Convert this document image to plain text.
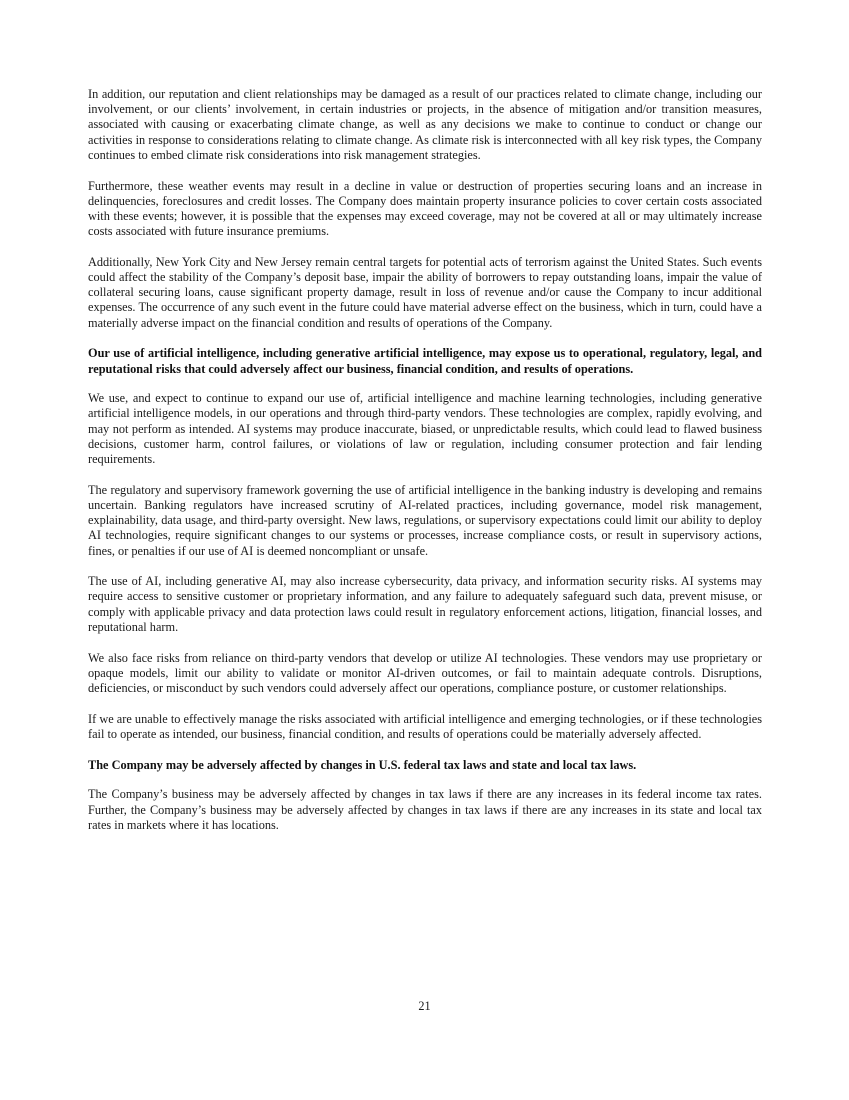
In addition, our reputation and client relationships may be damaged as a result of our practices related to climate change, including our involvement, or our clients’ involvement, in certain industries or projects, in the absence of mitigation and/or transition measures, associated with causing or exacerbating climate change, as well as any decisions we make to continue to conduct or change our activities in response to considerations relating to climate change. As climate risk is interconnected with all key risk types, the Company continues to embed climate risk considerations into risk management strategies.

Furthermore, these weather events may result in a decline in value or destruction of properties securing loans and an increase in delinquencies, foreclosures and credit losses. The Company does maintain property insurance policies to cover certain costs associated with these events; however, it is possible that the expenses may exceed coverage, may not be covered at all or may ultimately increase costs associated with future insurance premiums.

Additionally, New York City and New Jersey remain central targets for potential acts of terrorism against the United States. Such events could affect the stability of the Company’s deposit base, impair the ability of borrowers to repay outstanding loans, impair the value of collateral securing loans, cause significant property damage, result in loss of revenue and/or cause the Company to incur additional expenses. The occurrence of any such event in the future could have material adverse effect on the business, which in turn, could have a materially adverse impact on the financial condition and results of operations of the Company.

Our use of artificial intelligence, including generative artificial intelligence, may expose us to operational, regulatory, legal, and reputational risks that could adversely affect our business, financial condition, and results of operations.

We use, and expect to continue to expand our use of, artificial intelligence and machine learning technologies, including generative artificial intelligence models, in our operations and through third-party vendors. These technologies are complex, rapidly evolving, and may not perform as intended. AI systems may produce inaccurate, biased, or unpredictable results, which could lead to flawed business decisions, customer harm, control failures, or violations of law or regulation, including consumer protection and fair lending requirements.

The regulatory and supervisory framework governing the use of artificial intelligence in the banking industry is developing and remains uncertain. Banking regulators have increased scrutiny of AI-related practices, including governance, model risk management, explainability, data usage, and third-party oversight. New laws, regulations, or supervisory expectations could limit our ability to deploy AI technologies, require significant changes to our systems or processes, increase compliance costs, or result in supervisory actions, fines, or penalties if our use of AI is deemed noncompliant or unsafe.

The use of AI, including generative AI, may also increase cybersecurity, data privacy, and information security risks. AI systems may require access to sensitive customer or proprietary information, and any failure to adequately safeguard such data, prevent misuse, or comply with applicable privacy and data protection laws could result in regulatory enforcement actions, litigation, financial losses, and reputational harm.

We also face risks from reliance on third-party vendors that develop or utilize AI technologies. These vendors may use proprietary or opaque models, limit our ability to validate or monitor AI-driven outcomes, or fail to maintain adequate controls. Disruptions, deficiencies, or misconduct by such vendors could adversely affect our operations, compliance posture, or customer relationships.

If we are unable to effectively manage the risks associated with artificial intelligence and emerging technologies, or if these technologies fail to operate as intended, our business, financial condition, and results of operations could be materially adversely affected.

The Company may be adversely affected by changes in U.S. federal tax laws and state and local tax laws.

The Company’s business may be adversely affected by changes in tax laws if there are any increases in its federal income tax rates. Further, the Company’s business may be adversely affected by changes in tax laws if there are any increases in its state and local tax rates in markets where it has locations.

21
